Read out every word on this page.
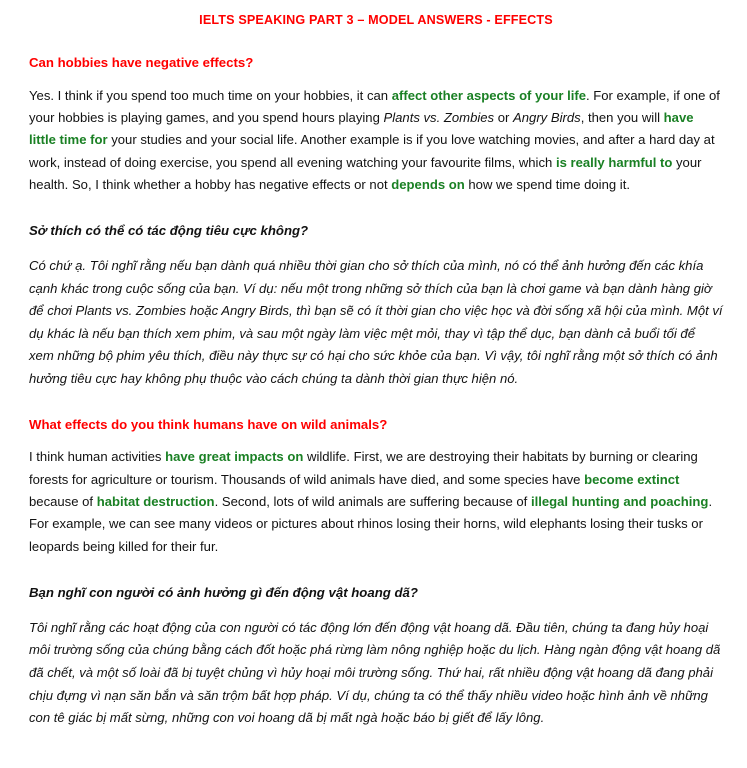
IELTS SPEAKING PART 3 – MODEL ANSWERS - EFFECTS
Can hobbies have negative effects?

Yes. I think if you spend too much time on your hobbies, it can affect other aspects of your life. For example, if one of your hobbies is playing games, and you spend hours playing Plants vs. Zombies or Angry Birds, then you will have little time for your studies and your social life. Another example is if you love watching movies, and after a hard day at work, instead of doing exercise, you spend all evening watching your favourite films, which is really harmful to your health. So, I think whether a hobby has negative effects or not depends on how we spend time doing it.

Sở thích có thể có tác động tiêu cực không?

Có chứ ạ. Tôi nghĩ rằng nếu bạn dành quá nhiều thời gian cho sở thích của mình, nó có thể ảnh hưởng đến các khía cạnh khác trong cuộc sống của bạn. Ví dụ: nếu một trong những sở thích của bạn là chơi game và bạn dành hàng giờ để chơi Plants vs. Zombies hoặc Angry Birds, thì bạn sẽ có ít thời gian cho việc học và đời sống xã hội của mình. Một ví dụ khác là nếu bạn thích xem phim, và sau một ngày làm việc mệt mỏi, thay vì tập thể dục, bạn dành cả buổi tối để xem những bộ phim yêu thích, điều này thực sự có hại cho sức khỏe của bạn. Vì vậy, tôi nghĩ rằng một sở thích có ảnh hưởng tiêu cực hay không phụ thuộc vào cách chúng ta dành thời gian thực hiện nó.

What effects do you think humans have on wild animals?

I think human activities have great impacts on wildlife. First, we are destroying their habitats by burning or clearing forests for agriculture or tourism. Thousands of wild animals have died, and some species have become extinct because of habitat destruction. Second, lots of wild animals are suffering because of illegal hunting and poaching. For example, we can see many videos or pictures about rhinos losing their horns, wild elephants losing their tusks or leopards being killed for their fur.

Bạn nghĩ con người có ảnh hưởng gì đến động vật hoang dã?

Tôi nghĩ rằng các hoạt động của con người có tác động lớn đến động vật hoang dã. Đầu tiên, chúng ta đang hủy hoại môi trường sống của chúng bằng cách đốt hoặc phá rừng làm nông nghiệp hoặc du lịch. Hàng ngàn động vật hoang dã đã chết, và một số loài đã bị tuyệt chủng vì hủy hoại môi trường sống. Thứ hai, rất nhiều động vật hoang dã đang phải chịu đựng vì nạn săn bắn và săn trộm bất hợp pháp. Ví dụ, chúng ta có thể thấy nhiều video hoặc hình ảnh về những con tê giác bị mất sừng, những con voi hoang dã bị mất ngà hoặc báo bị giết để lấy lông.
